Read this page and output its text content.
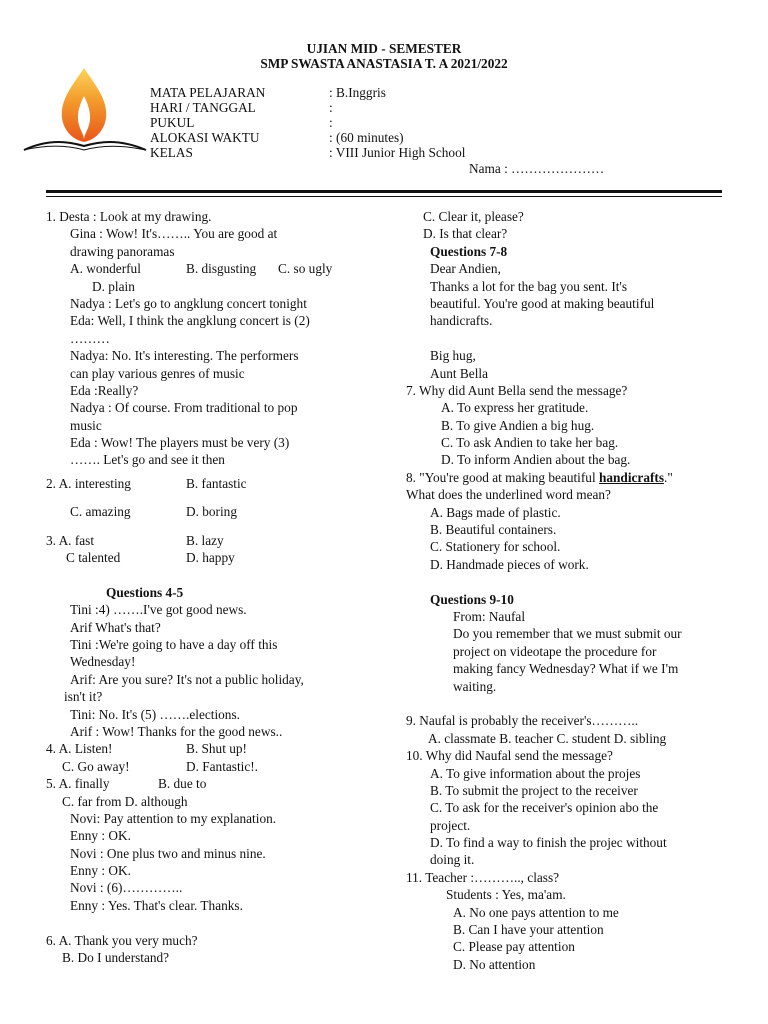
UJIAN MID - SEMESTER
SMP SWASTA ANASTASIA T. A 2021/2022
MATA PELAJARAN	: B.Inggris
HARI / TANGGAL	:
PUKUL	:
ALOKASI WAKTU	: (60 minutes)
KELAS	: VIII Junior High School
Nama : …………………
1. Desta : Look at my drawing.
Gina : Wow! It's…….. You are good at
drawing panoramas
A. wonderful	B. disgusting C. so ugly
D. plain
Nadya : Let's go to angklung concert tonight
Eda: Well, I think the angklung concert is (2)
………
Nadya: No. It's interesting. The performers
can play various genres of music
Eda :Really?
Nadya : Of course. From traditional to pop
music
Eda : Wow! The players must be very (3)
……. Let's go and see it then
2. A. interesting	B. fantastic
C. amazing	D. boring
3. A. fast	B. lazy
C talented	D. happy
Questions 4-5
Tini :4) …….I've got good news.
Arif What's that?
Tini :We're going to have a day off this
Wednesday!
Arif: Are you sure? It's not a public holiday,
isn't it?
Tini: No. It's (5) …….elections.
Arif : Wow! Thanks for the good news..
4. A. Listen!	B. Shut up!
C. Go away!	D. Fantastic!.
5. A. finally	B. due to
C. far from D. although
Novi: Pay attention to my explanation.
Enny : OK.
Novi : One plus two and minus nine.
Enny : OK.
Novi : (6)…………..
Enny : Yes. That's clear. Thanks.
6. A. Thank you very much?
B. Do I understand?
C. Clear it, please?
D. Is that clear?
Questions 7-8
Dear Andien,
Thanks a lot for the bag you sent. It's
beautiful. You're good at making beautiful
handicrafts.
Big hug,
Aunt Bella
7. Why did Aunt Bella send the message?
A. To express her gratitude.
B. To give Andien a big hug.
C. To ask Andien to take her bag.
D. To inform Andien about the bag.
8. "You're good at making beautiful handicrafts."
What does the underlined word mean?
A. Bags made of plastic.
B. Beautiful containers.
C. Stationery for school.
D. Handmade pieces of work.
Questions 9-10
From: Naufal
Do you remember that we must submit our
project on videotape the procedure for
making fancy Wednesday? What if we I'm
waiting.
9. Naufal is probably the receiver's………..
A. classmate B. teacher C. student D. sibling
10. Why did Naufal send the message?
A. To give information about the projes
B. To submit the project to the receiver
C. To ask for the receiver's opinion abo the
project.
D. To find a way to finish the projec without
doing it.
11. Teacher :……….., class?
Students : Yes, ma'am.
A. No one pays attention to me
B. Can I have your attention
C. Please pay attention
D. No attention
